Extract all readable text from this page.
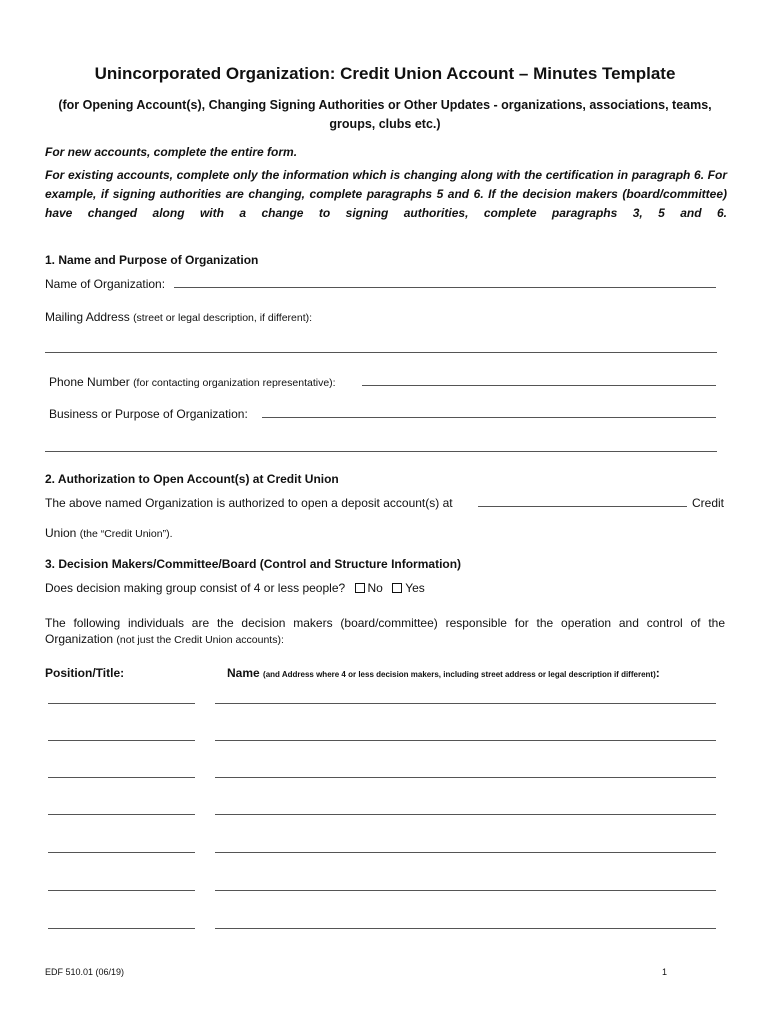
Unincorporated Organization: Credit Union Account – Minutes Template
(for Opening Account(s), Changing Signing Authorities or Other Updates - organizations, associations, teams, groups, clubs etc.)
For new accounts, complete the entire form.
For existing accounts, complete only the information which is changing along with the certification in paragraph 6. For example, if signing authorities are changing, complete paragraphs 5 and 6. If the decision makers (board/committee) have changed along with a change to signing authorities, complete paragraphs 3, 5 and 6.
1. Name and Purpose of Organization
Name of Organization:
Mailing Address (street or legal description, if different):
Phone Number (for contacting organization representative):
Business or Purpose of Organization:
2. Authorization to Open Account(s) at Credit Union
The above named Organization is authorized to open a deposit account(s) at	Credit
Union (the “Credit Union”).
3. Decision Makers/Committee/Board (Control and Structure Information)
Does decision making group consist of 4 or less people? No Yes
The following individuals are the decision makers (board/committee) responsible for the operation and control of the
Organization (not just the Credit Union accounts):
Position/Title:	Name (and Address where 4 or less decision makers, including street address or legal description if different):
EDF 510.01 (06/19)	1
